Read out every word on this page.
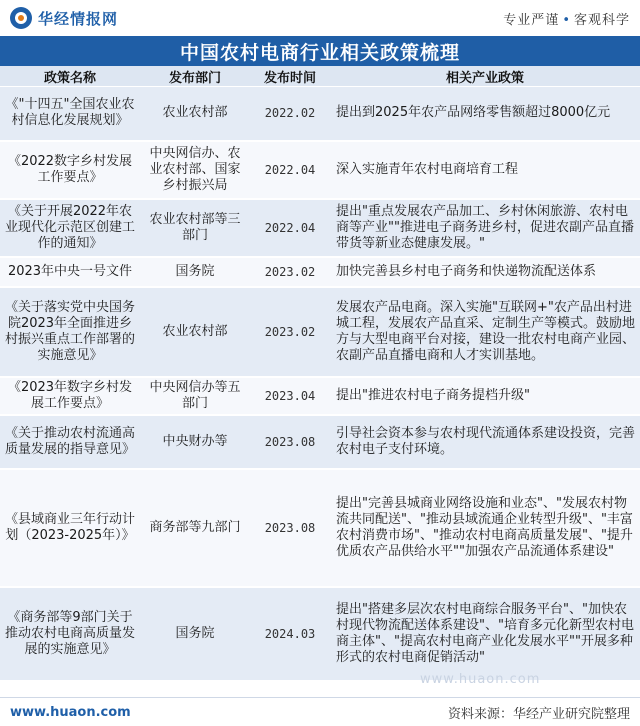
华经情报网	专业严谨 • 客观科学
中国农村电商行业相关政策梳理
政策名称	发布部门	发布时间	相关产业政策
《"十四五"全国农业农村信息化发展规划》	农业农村部	2022.02	提出到2025年农产品网络零售额超过8000亿元
《2022数字乡村发展工作要点》	中央网信办、农业农村部、国家乡村振兴局	2022.04	深入实施青年农村电商培育工程
《关于开展2022年农业现代化示范区创建工作的通知》	农业农村部等三部门	2022.04	提出"重点发展农产品加工、乡村休闲旅游、农村电商等产业""推进电子商务进乡村，促进农副产品直播带货等新业态健康发展。"
2023年中央一号文件	国务院	2023.02	加快完善县乡村电子商务和快递物流配送体系
《关于落实党中央国务院2023年全面推进乡村振兴重点工作部署的实施意见》	农业农村部	2023.02	发展农产品电商。深入实施"互联网+"农产品出村进城工程，发展农产品直采、定制生产等模式。鼓励地方与大型电商平台对接，建设一批农村电商产业园、农副产品直播电商和人才实训基地。
《2023年数字乡村发展工作要点》	中央网信办等五部门	2023.04	提出"推进农村电子商务提档升级"
《关于推动农村流通高质量发展的指导意见》	中央财办等	2023.08	引导社会资本参与农村现代流通体系建设投资，完善农村电子支付环境。
《县域商业三年行动计划（2023-2025年）》	商务部等九部门	2023.08	提出"完善县城商业网络设施和业态"、"发展农村物流共同配送"、"推动县域流通企业转型升级"、"丰富农村消费市场"、"推动农村电商高质量发展"、"提升优质农产品供给水平""加强农产品流通体系建设"
《商务部等9部门关于推动农村电商高质量发展的实施意见》	国务院	2024.03	提出"搭建多层次农村电商综合服务平台"、"加快农村现代物流配送体系建设"、"培育多元化新型农村电商主体"、"提高农村电商产业化发展水平""开展多种形式的农村电商促销活动"
www.huaon.com
www.huaon.com	资料来源：华经产业研究院整理
